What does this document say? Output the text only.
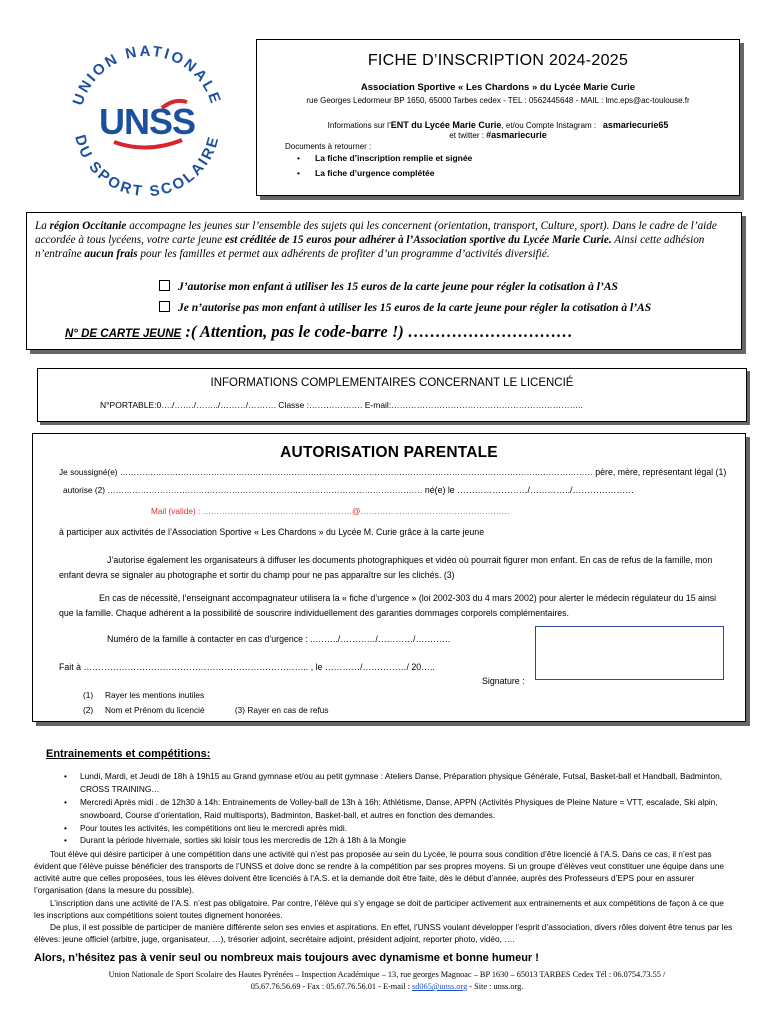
UNION NATIONALE
DU SPORT SCOLAIRE
UNSS
FICHE D’INSCRIPTION 2024-2025
Association Sportive « Les Chardons » du Lycée Marie Curie
rue Georges Ledormeur BP 1650, 65000 Tarbes cedex - TEL : 0562445648 - MAIL : lmc.eps@ac-toulouse.fr
Informations sur l’ENT du Lycée Marie Curie, et/ou Compte Instagram : asmariecurie65
et twitter : #asmariecurie
Documents à retourner :
• La fiche d’inscription remplie et signée
• La fiche d’urgence complétée
La région Occitanie accompagne les jeunes sur l’ensemble des sujets qui les concernent (orientation, transport, Culture, sport). Dans le cadre de l’aide accordée à tous lycéens, votre carte jeune est créditée de 15 euros pour adhérer à l’Association sportive du Lycée Marie Curie. Ainsi cette adhésion n’entraîne aucun frais pour les familles et permet aux adhérents de profiter d’un programme d’activités diversifié.
J’autorise mon enfant à utiliser les 15 euros de la carte jeune pour régler la cotisation à l’AS
Je n’autorise pas mon enfant à utiliser les 15 euros de la carte jeune pour régler la cotisation à l’AS
N° DE CARTE JEUNE :( Attention, pas le code-barre !) …………………………
INFORMATIONS COMPLEMENTAIRES CONCERNANT LE LICENCIÉ
N°PORTABLE:0…./……./……../………/………. Classe :………………. E-mail:…………………………………………………………..
AUTORISATION PARENTALE
Je soussigné(e) ……………………………………………………………………………………………………………………………………………………… père, mère, représentant légal (1)
autorise (2) …………………………………………………………………………………………………… né(e) le ……………………/…………../…………………
Mail (valide) : ………………………………………………@………………………………………………
à participer aux activités de l’Association Sportive « Les Chardons » du Lycée M. Curie grâce à la carte jeune
J’autorise également les organisateurs à diffuser les documents photographiques et vidéo où pourrait figurer mon enfant. En cas de refus de la famille, mon enfant devra se signaler au photographe et sortir du champ pour ne pas apparaître sur les clichés. (3)
En cas de nécessité, l’enseignant accompagnateur utilisera la « fiche d’urgence » (loi 2002-303 du 4 mars 2002) pour alerter le médecin régulateur du 15 ainsi que la famille. Chaque adhérent a la possibilité de souscrire individuellement des garanties dommages corporels complémentaires.
Numéro de la famille à contacter en cas d’urgence : ..……../…………/…………/…………
Fait à ………………………………………………………………….. , le …………/……………/ 20…..
Signature :
(1) Rayer les mentions inutiles
(2) Nom et Prénom du licencié	(3) Rayer en cas de refus
Entrainements et compétitions:
• Lundi, Mardi, et Jeudi de 18h à 19h15 au Grand gymnase et/ou au petit gymnase : Ateliers Danse, Préparation physique Générale, Futsal, Basket-ball et Handball, Badminton, CROSS TRAINING…
• Mercredi Après midi . de 12h30 à 14h: Entrainements de Volley-ball de 13h à 16h: Athlétisme, Danse, APPN (Activités Physiques de Pleine Nature = VTT, escalade, Ski alpin, snowboard, Course d’orientation, Raid multisports), Badminton, Basket-ball, et autres en fonction des demandes.
• Pour toutes les activités, les compétitions ont lieu le mercredi après midi.
• Durant la période hivernale, sorties ski loisir tous les mercredis de 12h à 18h à la Mongie
Tout élève qui désire participer à une compétition dans une activité qui n’est pas proposée au sein du Lycée, le pourra sous condition d’être licencié à l’A.S. Dans ce cas, il n’est pas évident que l’élève puisse bénéficier des transports de l’UNSS et doive donc se rendre à la compétition par ses propres moyens. Si un groupe d’élèves veut constituer une équipe dans une activité autre que celles proposées, tous les élèves doivent être licenciés à l’A.S. et la demande doit être faite, dès le début d’année, auprès des Professeurs d’EPS pour en assurer l’organisation (dans la mesure du possible).
L’inscription dans une activité de l’A.S. n’est pas obligatoire. Par contre, l’élève qui s’y engage se doit de participer activement aux entrainements et aux compétitions de façon à ce que les inscriptions aux compétitions soient toutes dignement honorées.
De plus, il est possible de participer de manière différente selon ses envies et aspirations. En effet, l’UNSS voulant développer l’esprit d’association, divers rôles doivent être tenus par les élèves: jeune officiel (arbitre, juge, organisateur, …), trésorier adjoint, secrétaire adjoint, président adjoint, reporter photo, vidéo, ….
Alors, n’hésitez pas à venir seul ou nombreux mais toujours avec dynamisme et bonne humeur !
Union Nationale de Sport Scolaire des Hautes Pyrénées – Inspection Académique – 13, rue georges Magnoac – BP 1630 – 65013 TARBES Cedex Tél : 06.0754.73.55 /
05.67.76.56.69 - Fax : 05.67.76.56.01 - E-mail : sd065@unss.org - Site : unss.org.
